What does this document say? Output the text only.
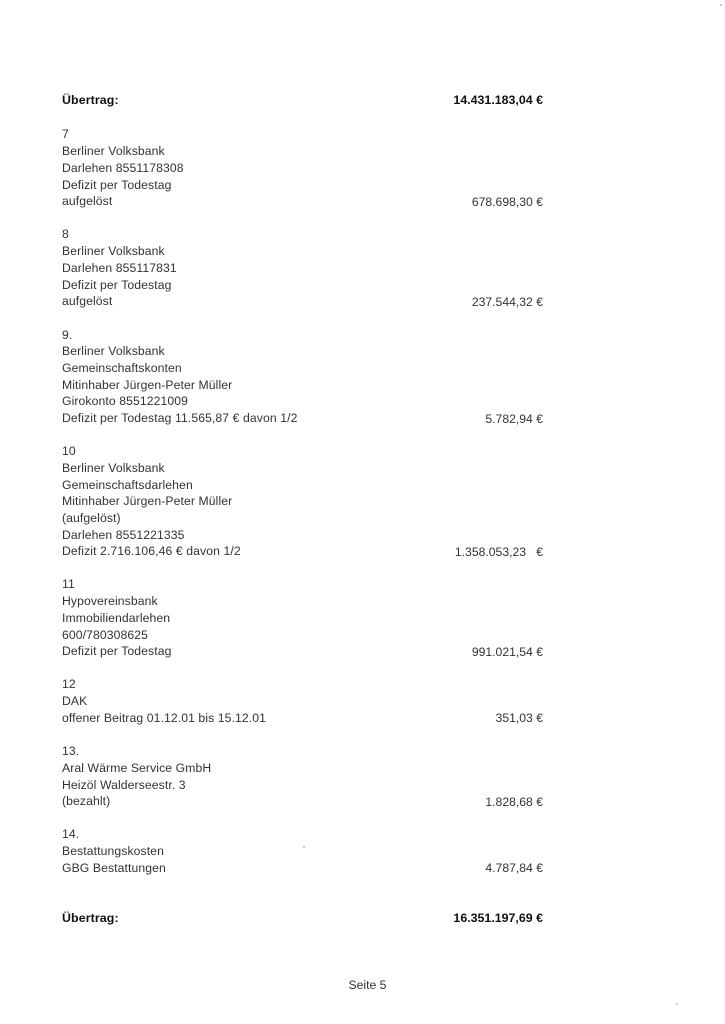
Übertrag:	14.431.183,04 €
7
Berliner Volksbank
Darlehen 8551178308
Defizit per Todestag
aufgelöst	678.698,30 €
8
Berliner Volksbank
Darlehen 855117831
Defizit per Todestag
aufgelöst	237.544,32 €
9.
Berliner Volksbank
Gemeinschaftskonten
Mitinhaber Jürgen-Peter Müller
Girokonto 8551221009
Defizit per Todestag 11.565,87 € davon 1/2	5.782,94 €
10
Berliner Volksbank
Gemeinschaftsdarlehen
Mitinhaber Jürgen-Peter Müller
(aufgelöst)
Darlehen 8551221335
Defizit 2.716.106,46 € davon 1/2	1.358.053,23   €
11
Hypovereinsbank
Immobiliendarlehen
600/780308625
Defizit per Todestag	991.021,54 €
12
DAK
offener Beitrag 01.12.01 bis 15.12.01	351,03 €
13.
Aral Wärme Service GmbH
Heizöl Walderseestr. 3
(bezahlt)	1.828,68 €
14.
Bestattungskosten
GBG Bestattungen	4.787,84 €
Übertrag:	16.351.197,69 €
Seite 5
